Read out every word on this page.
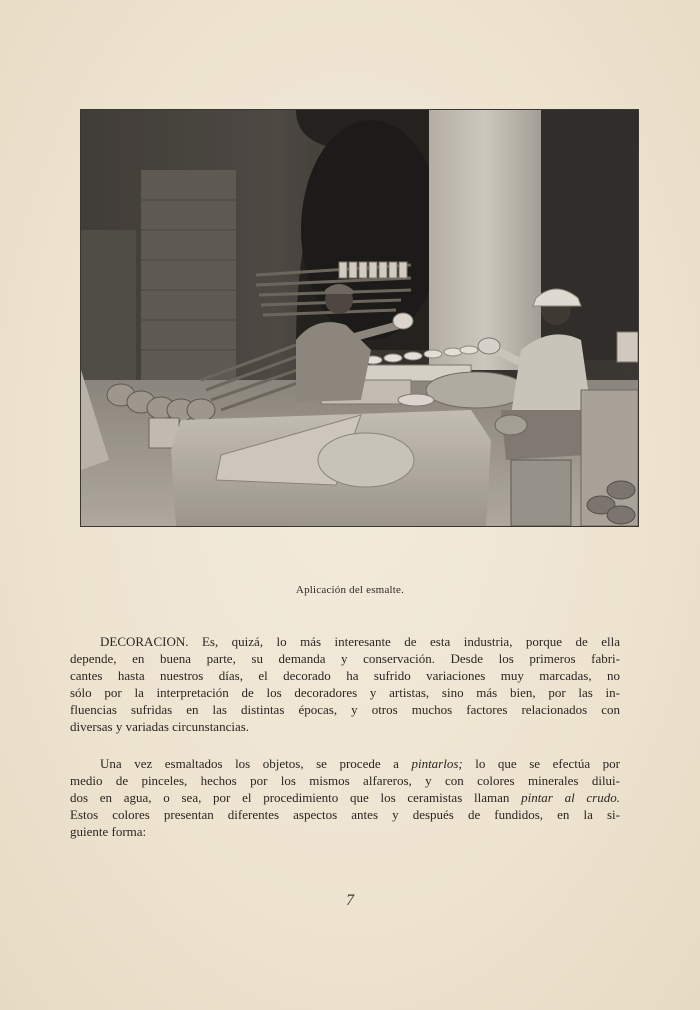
Aplicación del esmalte.
DECORACION. Es, quizá, lo más interesante de esta industria, porque de ella
depende, en buena parte, su demanda y conservación. Desde los primeros fabri-
cantes hasta nuestros días, el decorado ha sufrido variaciones muy marcadas, no
sólo por la interpretación de los decoradores y artistas, sino más bien, por las in-
fluencias sufridas en las distintas épocas, y otros muchos factores relacionados con
diversas y variadas circunstancias.
Una vez esmaltados los objetos, se procede a pintarlos; lo que se efectúa por
medio de pinceles, hechos por los mismos alfareros, y con colores minerales dilui-
dos en agua, o sea, por el procedimiento que los ceramistas llaman pintar al crudo.
Estos colores presentan diferentes aspectos antes y después de fundidos, en la si-
guiente forma:
7
